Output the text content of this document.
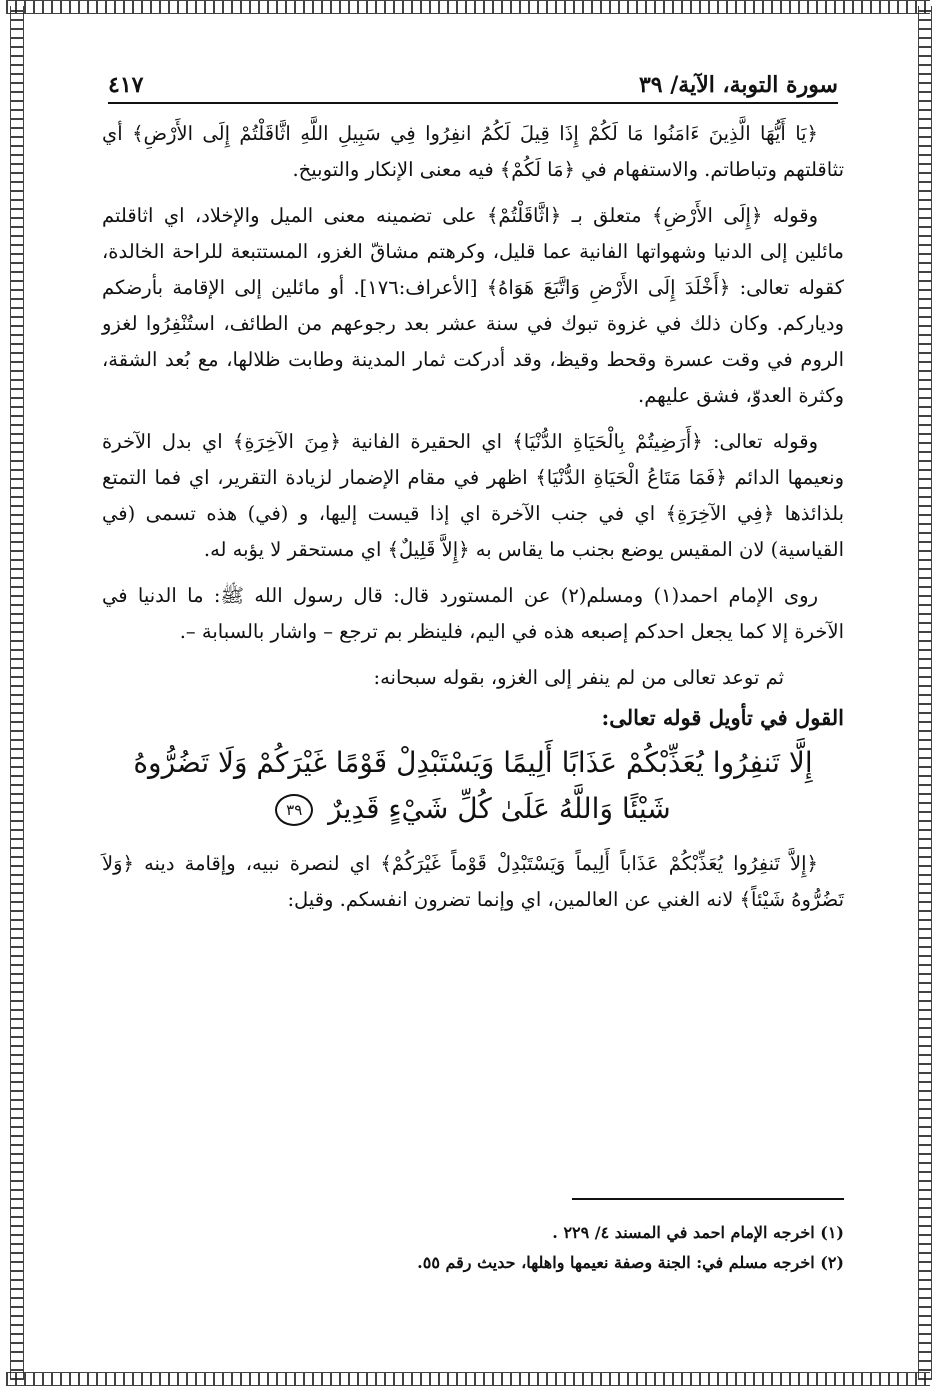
سورة التوبة، الآية/ ٣٩
٤١٧

﴿يَا أَيُّهَا الَّذِينَ ءَامَنُوا مَا لَكُمْ إِذَا قِيلَ لَكُمُ انفِرُوا فِي سَبِيلِ اللَّهِ اثَّاقَلْتُمْ إِلَى الأَرْضِ﴾ أي تثاقلتهم وتباطاتم. والاستفهام في ﴿مَا لَكُمْ﴾ فيه معنى الإنكار والتوبيخ.

وقوله ﴿إِلَى الأَرْضِ﴾ متعلق بـ ﴿اثَّاقَلْتُمْ﴾ على تضمينه معنى الميل والإخلاد، اي اثاقلتم مائلين إلى الدنيا وشهواتها الفانية عما قليل، وكرهتم مشاقّ الغزو، المستتبعة للراحة الخالدة، كقوله تعالى: ﴿أَخْلَدَ إِلَى الأَرْضِ وَاتَّبَعَ هَوَاهُ﴾ [الأعراف:١٧٦]. أو مائلين إلى الإقامة بأرضكم وديارکم. وكان ذلك في غزوة تبوك في سنة عشر بعد رجوعهم من الطائف، استُنْفِرُوا لغزو الروم في وقت عسرة وقحط وقيظ، وقد أدركت ثمار المدينة وطابت ظلالها، مع بُعد الشقة، وكثرة العدوّ، فشق عليهم.

وقوله تعالى: ﴿أَرَضِيتُمْ بِالْحَيَاةِ الدُّنْيَا﴾ اي الحقيرة الفانية ﴿مِنَ الآخِرَةِ﴾ اي بدل الآخرة ونعيمها الدائم ﴿فَمَا مَتَاعُ الْحَيَاةِ الدُّنْيَا﴾ اظهر في مقام الإضمار لزيادة التقرير، اي فما التمتع بلذائذها ﴿فِي الآخِرَةِ﴾ اي في جنب الآخرة اي إذا قيست إليها، و (في) هذه تسمى (في القياسية) لان المقيس يوضع بجنب ما يقاس به ﴿إِلاَّ قَلِيلٌ﴾ اي مستحقر لا يؤبه له.

روى الإمام احمد(١) ومسلم(٢) عن المستورد قال: قال رسول الله ﷺ: ما الدنيا في الآخرة إلا كما يجعل احدكم إصبعه هذه في اليم، فلينظر بم ترجع – واشار بالسبابة –.

ثم توعد تعالى من لم ينفر إلى الغزو، بقوله سبحانه:

القول في تأويل قوله تعالى:
إِلَّا تَنفِرُوا يُعَذِّبْكُمْ عَذَابًا أَلِيمًا وَيَسْتَبْدِلْ قَوْمًا غَيْرَكُمْ وَلَا تَضُرُّوهُ
شَيْئًا وَاللَّهُ عَلَىٰ كُلِّ شَيْءٍ قَدِيرٌ ٣٩

﴿إِلاَّ تَنفِرُوا يُعَذِّبْكُمْ عَذَاباً أَلِيماً وَيَسْتَبْدِلْ قَوْماً غَيْرَكُمْ﴾ اي لنصرة نبيه، وإقامة دينه ﴿وَلاَ تَضُرُّوهُ شَيْئاً﴾ لانه الغني عن العالمين، اي وإنما تضرون انفسكم. وقيل:

(١) اخرجه الإمام احمد في المسند ٤/ ٢٢٩ .
(٢) اخرجه مسلم في: الجنة وصفة نعيمها واهلها، حديث رقم ٥٥.
